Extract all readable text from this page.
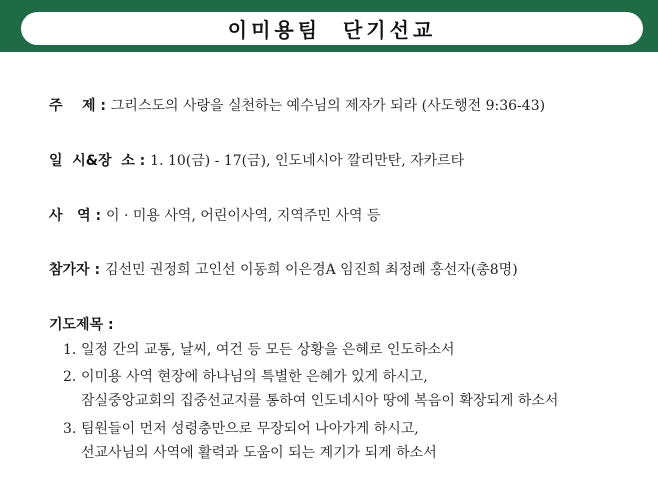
이미용팀  단기선교
주    제 : 그리스도의 사랑을 실천하는 예수님의 제자가 되라 (사도행전 9:36-43)
일  시&장  소 : 1. 10(금) - 17(금), 인도네시아 깔리만탄, 자카르타
사   역 : 이 · 미용 사역, 어린이사역, 지역주민 사역 등
참가자 : 김선민 권정희 고인선 이동희 이은경A 임진희 최정례 홍선자(총8명)
기도제목 :
1. 일정 간의 교통, 날씨, 여건 등 모든 상황을 은혜로 인도하소서
2. 이미용 사역 현장에 하나님의 특별한 은혜가 있게 하시고,
잠실중앙교회의 집중선교지를 통하여 인도네시아 땅에 복음이 확장되게 하소서
3. 팀원들이 먼저 성령충만으로 무장되어 나아가게 하시고,
선교사님의 사역에 활력과 도움이 되는 계기가 되게 하소서
